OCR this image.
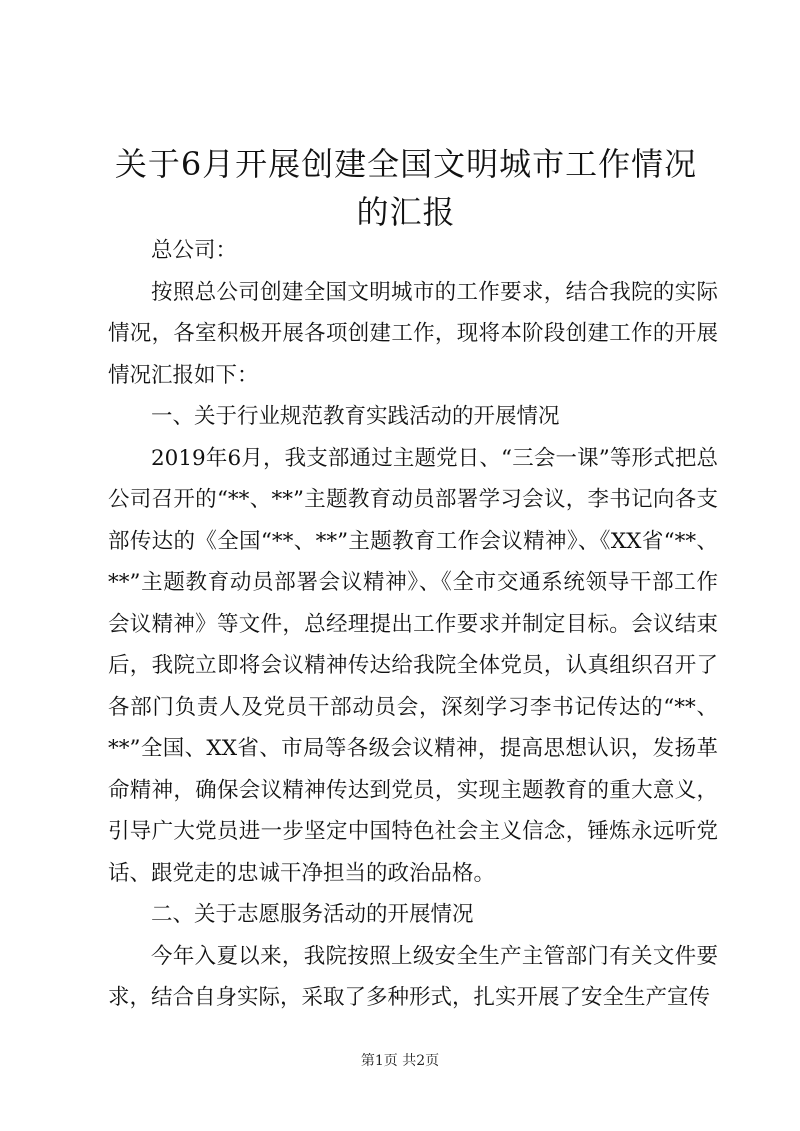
关于6月开展创建全国文明城市工作情况的汇报

总公司：

按照总公司创建全国文明城市的工作要求，结合我院的实际情况，各室积极开展各项创建工作，现将本阶段创建工作的开展情况汇报如下：

一、关于行业规范教育实践活动的开展情况

2019年6月，我支部通过主题党日、“三会一课”等形式把总公司召开的“**、**”主题教育动员部署学习会议，李书记向各支部传达的《全国“**、**”主题教育工作会议精神》、《XX省“**、**”主题教育动员部署会议精神》、《全市交通系统领导干部工作会议精神》等文件，总经理提出工作要求并制定目标。会议结束后，我院立即将会议精神传达给我院全体党员，认真组织召开了各部门负责人及党员干部动员会，深刻学习李书记传达的“**、**”全国、XX省、市局等各级会议精神，提高思想认识，发扬革命精神，确保会议精神传达到党员，实现主题教育的重大意义，引导广大党员进一步坚定中国特色社会主义信念，锤炼永远听党话、跟党走的忠诚干净担当的政治品格。

二、关于志愿服务活动的开展情况

今年入夏以来，我院按照上级安全生产主管部门有关文件要求，结合自身实际，采取了多种形式，扎实开展了安全生产宣传

第1页 共2页
